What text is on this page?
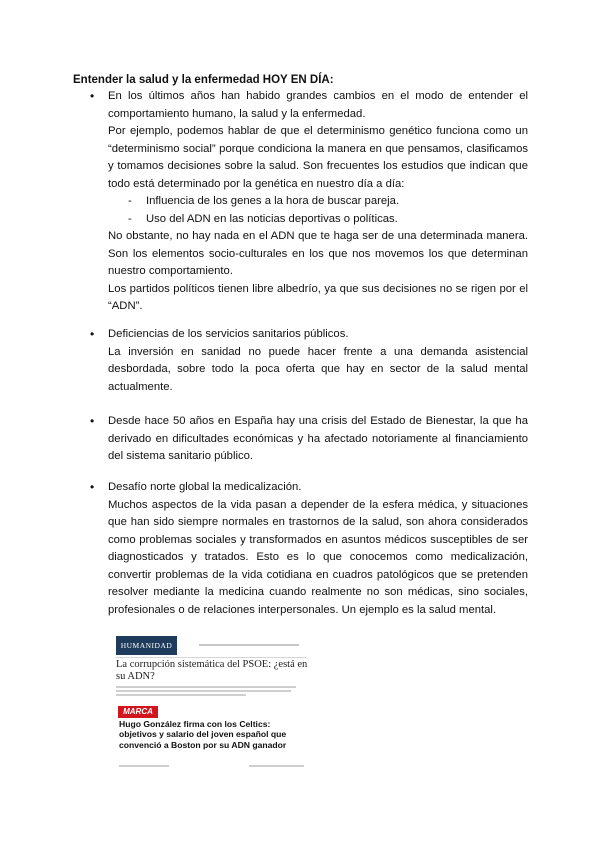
Entender la salud y la enfermedad HOY EN DÍA:
• En los últimos años han habido grandes cambios en el modo de entender el comportamiento humano, la salud y la enfermedad.

Por ejemplo, podemos hablar de que el determinismo genético funciona como un “determinismo social” porque condiciona la manera en que pensamos, clasificamos y tomamos decisiones sobre la salud. Son frecuentes los estudios que indican que todo está determinado por la genética en nuestro día a día:

-	Influencia de los genes a la hora de buscar pareja.
-	Uso del ADN en las noticias deportivas o políticas.

No obstante, no hay nada en el ADN que te haga ser de una determinada manera. Son los elementos socio-culturales en los que nos movemos los que determinan nuestro comportamiento.

Los partidos políticos tienen libre albedrío, ya que sus decisiones no se rigen por el “ADN”.

• Deficiencias de los servicios sanitarios públicos.

La inversión en sanidad no puede hacer frente a una demanda asistencial desbordada, sobre todo la poca oferta que hay en sector de la salud mental actualmente.

• Desde hace 50 años en España hay una crisis del Estado de Bienestar, la que ha derivado en dificultades económicas y ha afectado notoriamente al financiamiento del sistema sanitario público.

• Desafío norte global la medicalización.

Muchos aspectos de la vida pasan a depender de la esfera médica, y situaciones que han sido siempre normales en trastornos de la salud, son ahora considerados como problemas sociales y transformados en asuntos médicos susceptibles de ser diagnosticados y tratados. Esto es lo que conocemos como medicalización, convertir problemas de la vida cotidiana en cuadros patológicos que se pretenden resolver mediante la medicina cuando realmente no son médicas, sino sociales, profesionales o de relaciones interpersonales. Un ejemplo es la salud mental.

HUMANIDAD
La corrupción sistemática del PSOE: ¿está en su ADN?
MARCA
Hugo González firma con los Celtics: objetivos y salario del joven español que convenció a Boston por su ADN ganador
